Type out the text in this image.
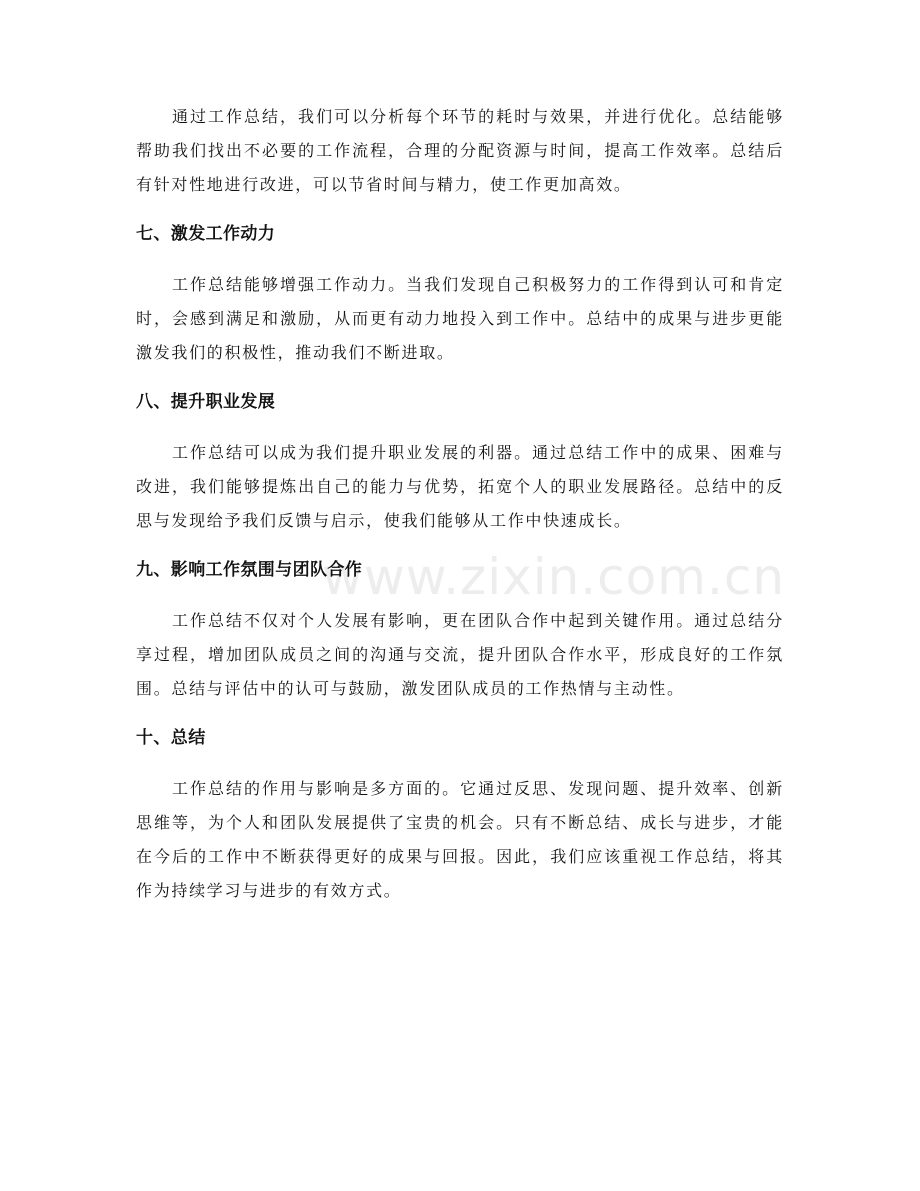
www.zixin.com.cn

通过工作总结，我们可以分析每个环节的耗时与效果，并进行优化。总结能够帮助我们找出不必要的工作流程，合理的分配资源与时间，提高工作效率。总结后有针对性地进行改进，可以节省时间与精力，使工作更加高效。

七、激发工作动力

工作总结能够增强工作动力。当我们发现自己积极努力的工作得到认可和肯定时，会感到满足和激励，从而更有动力地投入到工作中。总结中的成果与进步更能激发我们的积极性，推动我们不断进取。

八、提升职业发展

工作总结可以成为我们提升职业发展的利器。通过总结工作中的成果、困难与改进，我们能够提炼出自己的能力与优势，拓宽个人的职业发展路径。总结中的反思与发现给予我们反馈与启示，使我们能够从工作中快速成长。

九、影响工作氛围与团队合作

工作总结不仅对个人发展有影响，更在团队合作中起到关键作用。通过总结分享过程，增加团队成员之间的沟通与交流，提升团队合作水平，形成良好的工作氛围。总结与评估中的认可与鼓励，激发团队成员的工作热情与主动性。

十、总结

工作总结的作用与影响是多方面的。它通过反思、发现问题、提升效率、创新思维等，为个人和团队发展提供了宝贵的机会。只有不断总结、成长与进步，才能在今后的工作中不断获得更好的成果与回报。因此，我们应该重视工作总结，将其作为持续学习与进步的有效方式。
